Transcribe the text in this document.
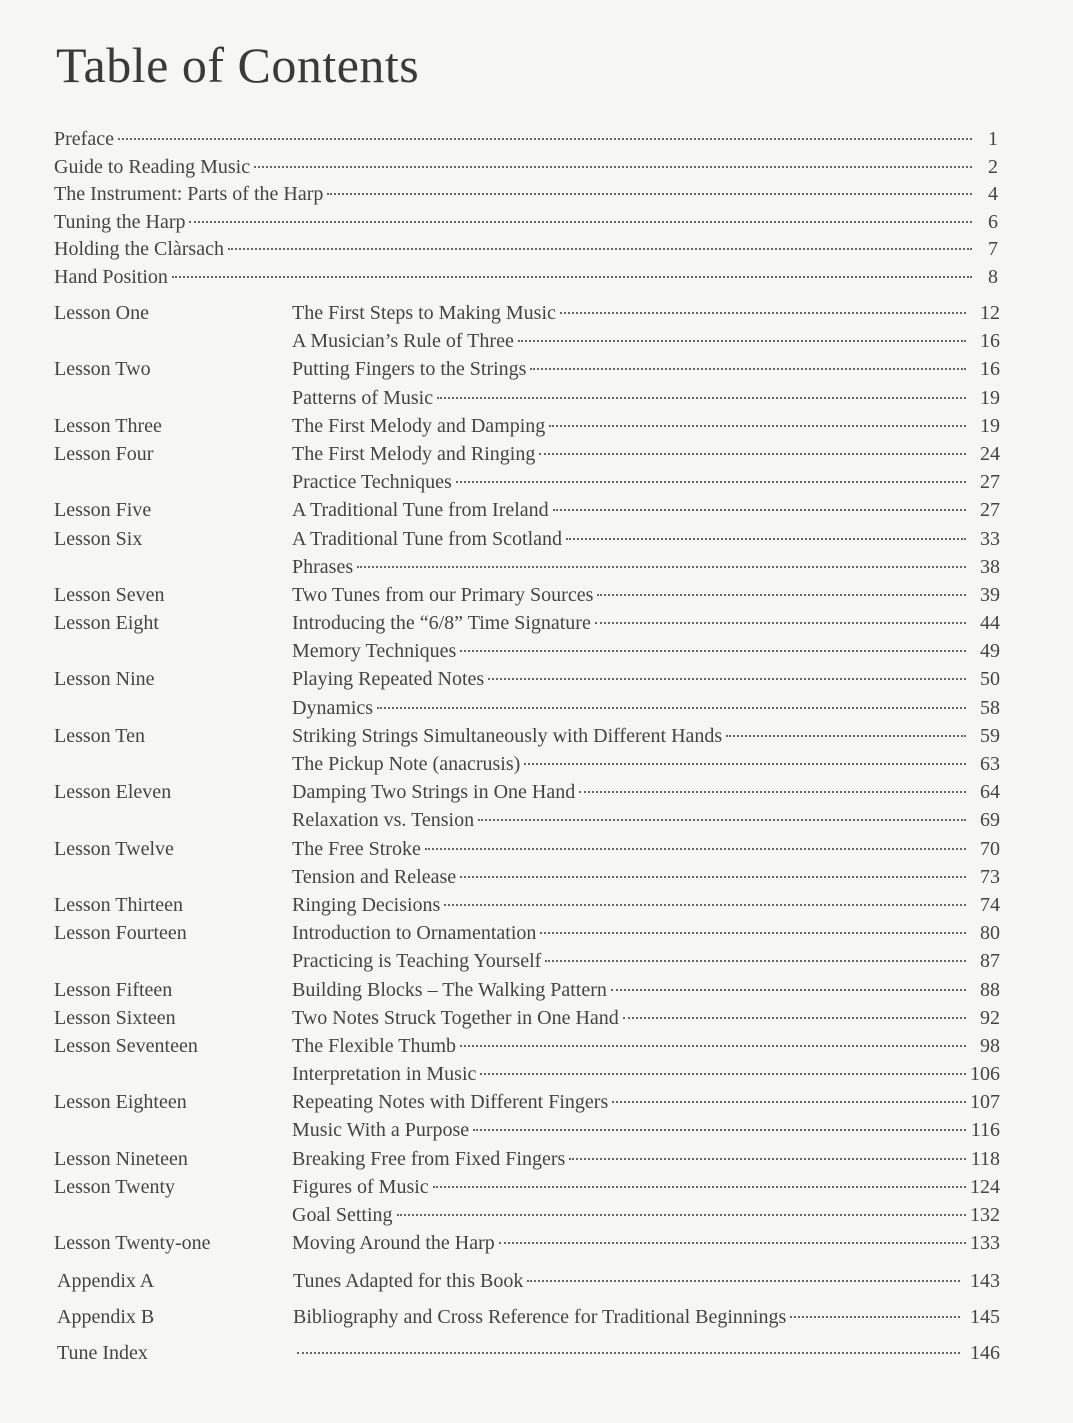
Table of Contents
Preface	1
Guide to Reading Music	2
The Instrument: Parts of the Harp	4
Tuning the Harp	6
Holding the Clàrsach	7
Hand Position	8
Lesson One	The First Steps to Making Music	12
A Musician’s Rule of Three	16
Lesson Two	Putting Fingers to the Strings	16
Patterns of Music	19
Lesson Three	The First Melody and Damping	19
Lesson Four	The First Melody and Ringing	24
Practice Techniques	27
Lesson Five	A Traditional Tune from Ireland	27
Lesson Six	A Traditional Tune from Scotland	33
Phrases	38
Lesson Seven	Two Tunes from our Primary Sources	39
Lesson Eight	Introducing the “6/8” Time Signature	44
Memory Techniques	49
Lesson Nine	Playing Repeated Notes	50
Dynamics	58
Lesson Ten	Striking Strings Simultaneously with Different Hands	59
The Pickup Note (anacrusis)	63
Lesson Eleven	Damping Two Strings in One Hand	64
Relaxation vs. Tension	69
Lesson Twelve	The Free Stroke	70
Tension and Release	73
Lesson Thirteen	Ringing Decisions	74
Lesson Fourteen	Introduction to Ornamentation	80
Practicing is Teaching Yourself	87
Lesson Fifteen	Building Blocks – The Walking Pattern	88
Lesson Sixteen	Two Notes Struck Together in One Hand	92
Lesson Seventeen	The Flexible Thumb	98
Interpretation in Music	106
Lesson Eighteen	Repeating Notes with Different Fingers	107
Music With a Purpose	116
Lesson Nineteen	Breaking Free from Fixed Fingers	118
Lesson Twenty	Figures of Music	124
Goal Setting	132
Lesson Twenty-one	Moving Around the Harp	133
Appendix A	Tunes Adapted for this Book	143
Appendix B	Bibliography and Cross Reference for Traditional Beginnings	145
Tune Index	146
